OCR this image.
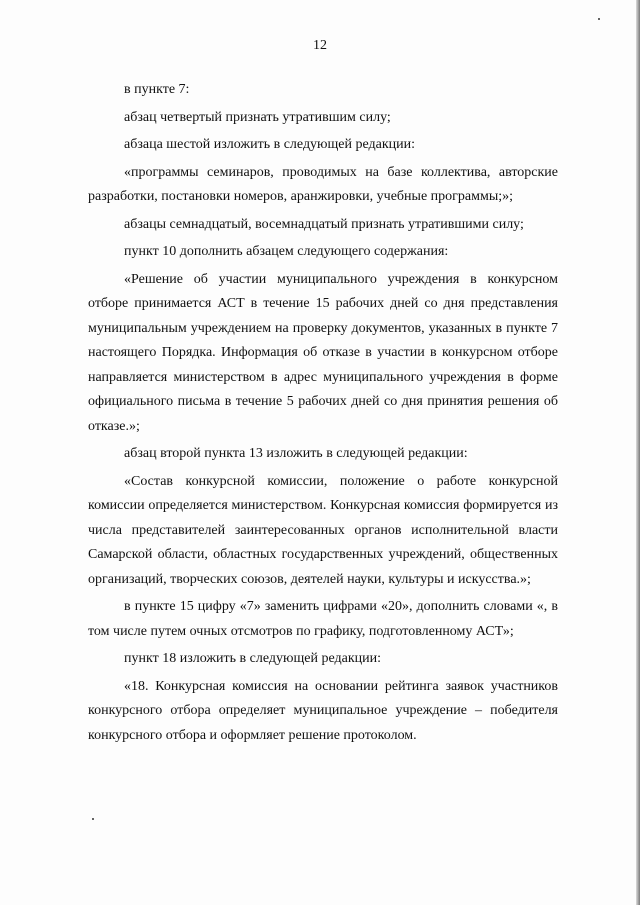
12

в пункте 7:

абзац четвертый признать утратившим силу;

абзаца шестой изложить в следующей редакции:

«программы семинаров, проводимых на базе коллектива, авторские разработки, постановки номеров, аранжировки, учебные программы;»;

абзацы семнадцатый, восемнадцатый признать утратившими силу;

пункт 10 дополнить абзацем следующего содержания:

«Решение об участии муниципального учреждения в конкурсном отборе принимается АСТ в течение 15 рабочих дней со дня представления муниципальным учреждением на проверку документов, указанных в пункте 7 настоящего Порядка. Информация об отказе в участии в конкурсном отборе направляется министерством в адрес муниципального учреждения в форме официального письма в течение 5 рабочих дней со дня принятия решения об отказе.»;

абзац второй пункта 13 изложить в следующей редакции:

«Состав конкурсной комиссии, положение о работе конкурсной комиссии определяется министерством. Конкурсная комиссия формируется из числа представителей заинтересованных органов исполнительной власти Самарской области, областных государственных учреждений, общественных организаций, творческих союзов, деятелей науки, культуры и искусства.»;

в пункте 15 цифру «7» заменить цифрами «20», дополнить словами «, в том числе путем очных отсмотров по графику, подготовленному АСТ»;

пункт 18 изложить в следующей редакции:

«18. Конкурсная комиссия на основании рейтинга заявок участников конкурсного отбора определяет муниципальное учреждение – победителя конкурсного отбора и оформляет решение протоколом.
